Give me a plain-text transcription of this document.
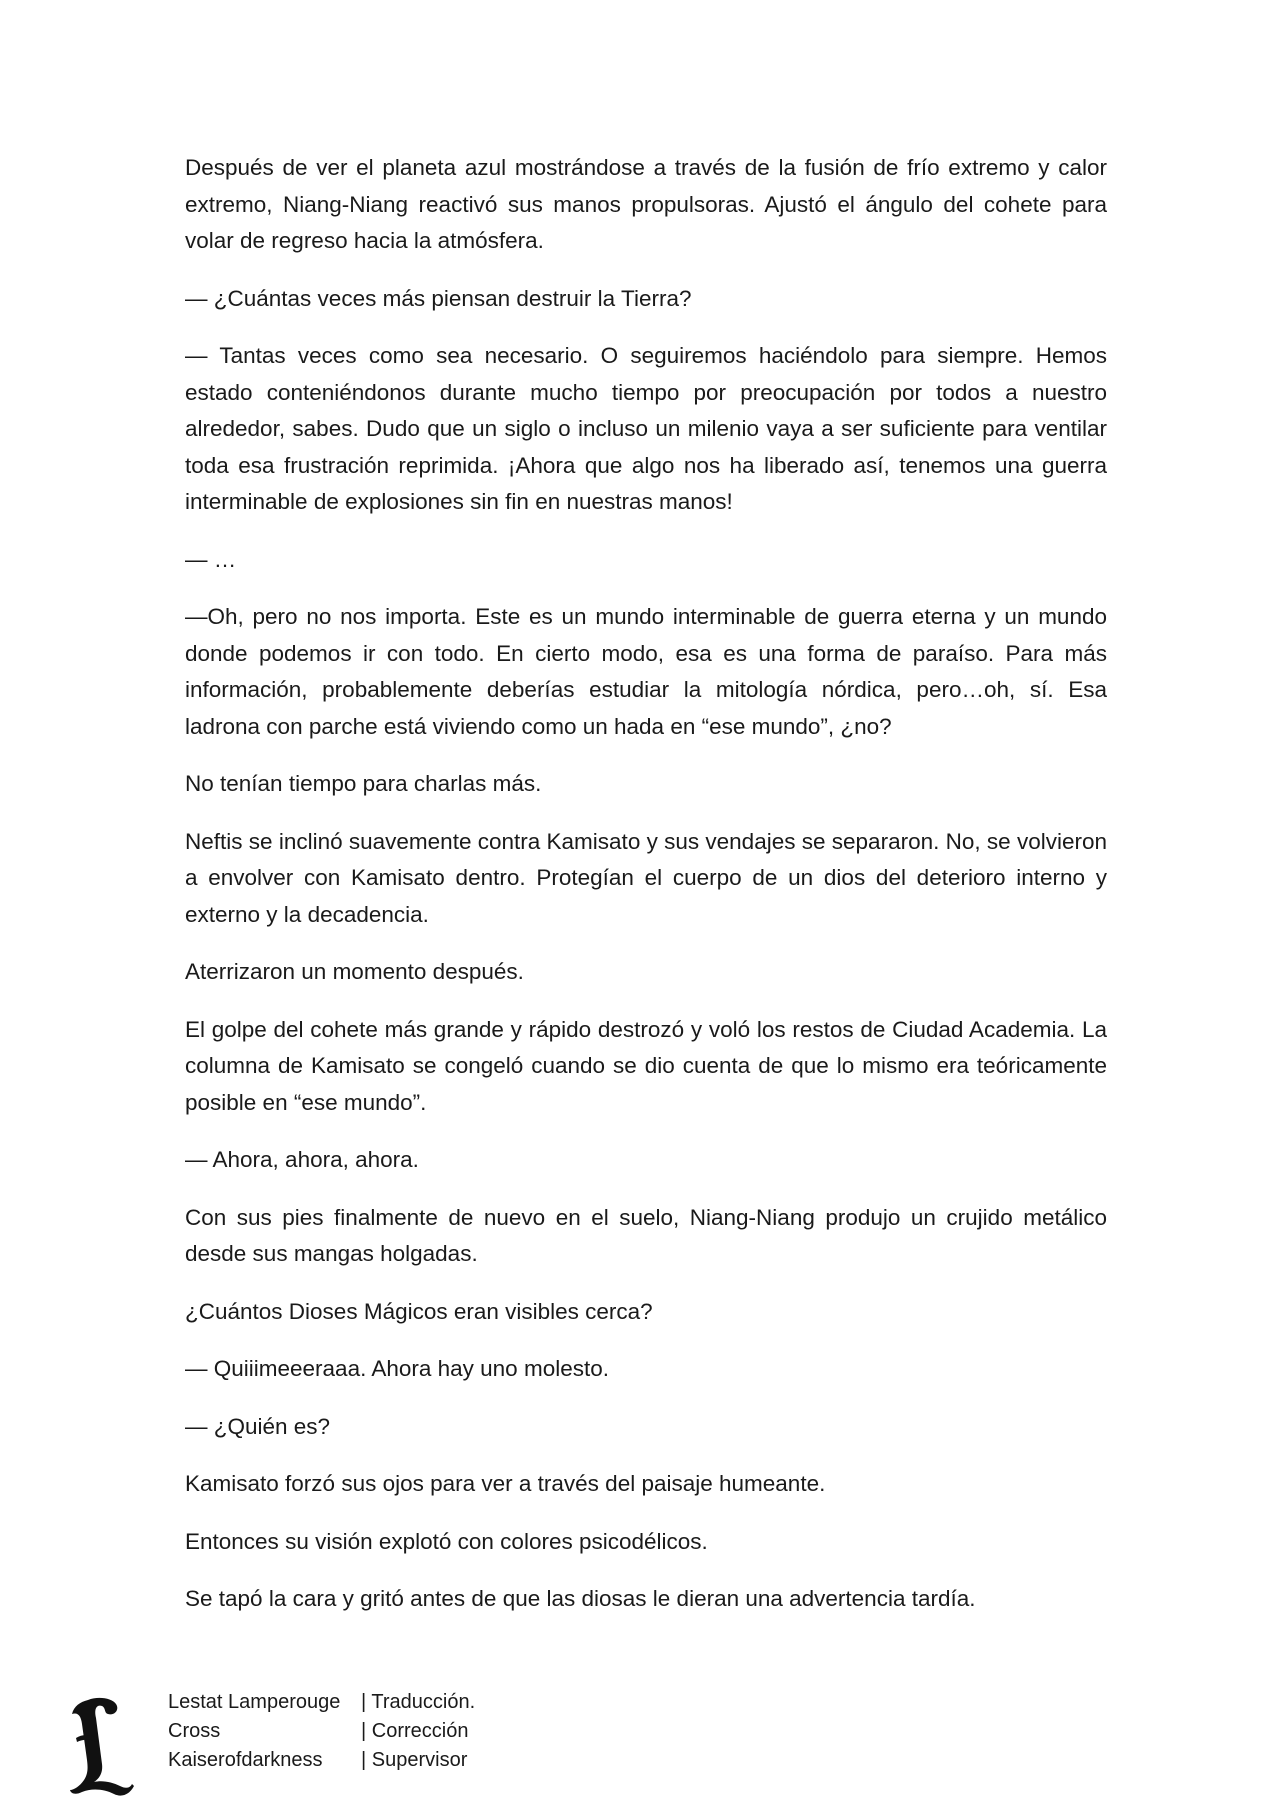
Después de ver el planeta azul mostrándose a través de la fusión de frío extremo y calor extremo, Niang-Niang reactivó sus manos propulsoras. Ajustó el ángulo del cohete para volar de regreso hacia la atmósfera.

— ¿Cuántas veces más piensan destruir la Tierra?

— Tantas veces como sea necesario. O seguiremos haciéndolo para siempre. Hemos estado conteniéndonos durante mucho tiempo por preocupación por todos a nuestro alrededor, sabes. Dudo que un siglo o incluso un milenio vaya a ser suficiente para ventilar toda esa frustración reprimida. ¡Ahora que algo nos ha liberado así, tenemos una guerra interminable de explosiones sin fin en nuestras manos!

— …

—Oh, pero no nos importa. Este es un mundo interminable de guerra eterna y un mundo donde podemos ir con todo. En cierto modo, esa es una forma de paraíso. Para más información, probablemente deberías estudiar la mitología nórdica, pero…oh, sí. Esa ladrona con parche está viviendo como un hada en “ese mundo”, ¿no?

No tenían tiempo para charlas más.

Neftis se inclinó suavemente contra Kamisato y sus vendajes se separaron. No, se volvieron a envolver con Kamisato dentro. Protegían el cuerpo de un dios del deterioro interno y externo y la decadencia.

Aterrizaron un momento después.

El golpe del cohete más grande y rápido destrozó y voló los restos de Ciudad Academia. La columna de Kamisato se congeló cuando se dio cuenta de que lo mismo era teóricamente posible en “ese mundo”.

— Ahora, ahora, ahora.

Con sus pies finalmente de nuevo en el suelo, Niang-Niang produjo un crujido metálico desde sus mangas holgadas.

¿Cuántos Dioses Mágicos eran visibles cerca?

— Quiiimeeeraaa. Ahora hay uno molesto.

— ¿Quién es?

Kamisato forzó sus ojos para ver a través del paisaje humeante.

Entonces su visión explotó con colores psicodélicos.

Se tapó la cara y gritó antes de que las diosas le dieran una advertencia tardía.

Lestat Lamperouge	| Traducción.
Cross	| Corrección
Kaiserofdarkness	| Supervisor
